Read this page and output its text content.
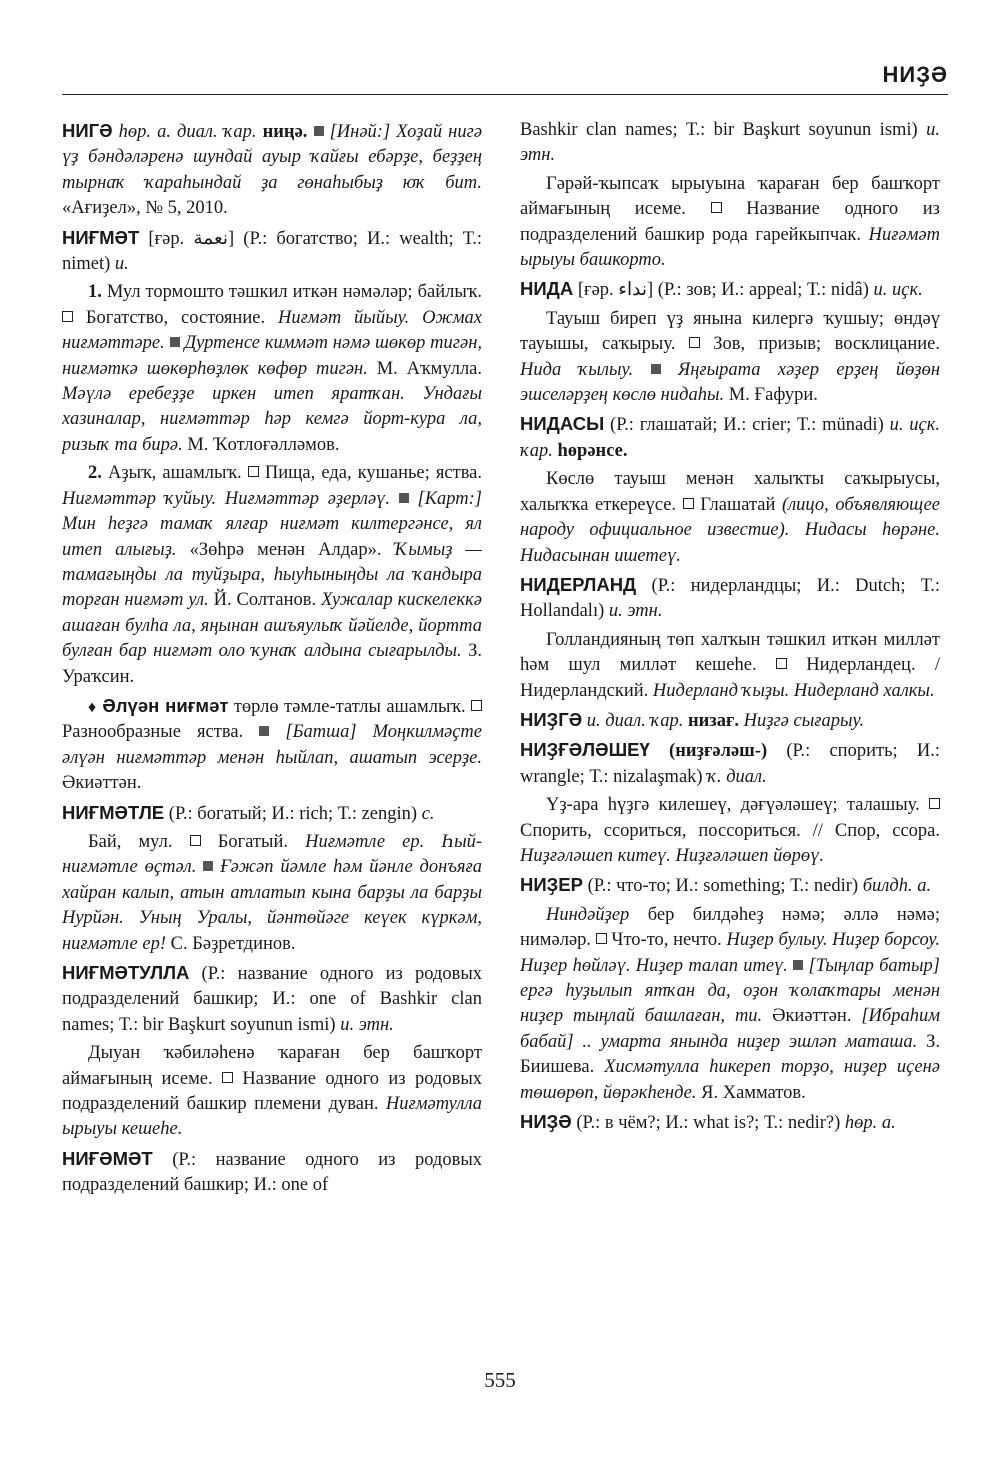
НИҘӘ

НИГӘ һөр. а. диал. ҡар. ниңә. [Инәй:] Хоҙай нигә үҙ бәндәләренә шундай ауыр ҡайғы ебәрҙе, беҙҙең тырнаҡ ҡараһындай ҙа гөнаһыбыҙ юҡ бит. «Ағиҙел», № 5, 2010.

НИҒМӘТ [ғәр. نعمة] (Р.: богатство; И.: wealth; Т.: nimet) и.

1. Мул тормошто тәшкил иткән нәмәләр; байлыҡ.  Богатство, состояние. Ниғмәт йыйыу. Ожмах ниғмәттәре. Дуртенсе киммәт нәмә шөкөр тигән, ниғмәткә шөкөрһөҙлөк көфөр тигән. М. Аҡмулла. Мәүлә еребеҙҙе иркен итеп яратҡан. Ундағы хазиналар, ниғмәттәр һәр кемгә йорт-кура ла, ризыҡ та бирә. М. Ҡотлоғәлләмов.

2. Аҙыҡ, ашамлыҡ. Пища, еда, кушанье; яства. Ниғмәттәр ҡуйыу. Ниғмәттәр әҙерләү. [Карт:] Мин һеҙгә тамаҡ ялғар ниғмәт килтергәнсе, ял итеп алығыҙ. «Зөһрә менән Алдар». Ҡымыҙ — тамағыңды ла туйҙыра, һыуһыныңды ла ҡандыра торған ниғмәт ул. Й. Солтанов. Хужалар кискелеккә ашаған булһа ла, яңынан ашъяулыҡ йәйелде, йортта булған бар ниғмәт оло ҡунаҡ алдына сығарылды. З. Ураҡсин.

♦ Әлүән ниғмәт төрлө тәмле-татлы ашамлыҡ.  Разнообразные яства. [Батша] Моңкилмәҫте әлүән ниғмәттәр менән һыйлап, ашатып эсерҙе. Әкиәттән.

НИҒМӘТЛЕ (Р.: богатый; И.: rich; Т.: zengin) с.

Бай, мул. Богатый. Ниғмәтле ер. Һый-ниғмәтле өҫтәл. Ғәжәп йәмле һәм йәнле донъяға хайран калып, атын атлатып кына барҙы ла барҙы Нурйән. Уның Уралы, йәнтөйәге кеүек күркәм, ниғмәтле ер! С. Бәҙретдинов.

НИҒМӘТУЛЛА (Р.: название одного из родовых подразделений башкир; И.: one of Bashkir clan names; Т.: bir Başkurt soyunun ismi) и. этн.

Дыуан ҡәбиләһенә ҡараған бер башҡорт аймағының исеме. Название одного из родовых подразделений башкир племени дуван. Ниғмәтулла ырыуы кешеһе.

НИҒӘМӘТ (Р.: название одного из родовых подразделений башкир; И.: one of

Bashkir clan names; Т.: bir Başkurt soyunun ismi) и. этн.

Гәрәй-ҡыпсаҡ ырыуына ҡараған бер башҡорт аймағының исеме.	Название одного из подразделений башкир рода гарейкыпчак. Ниғәмәт ырыуы башкорто.

НИДА [ғәр. نداء] (Р.: зов; И.: appeal; Т.: nidâ) и. иҫк.

Тауыш биреп үҙ янына килергә ҡушыу; өндәү тауышы, саҡырыу. Зов, призыв; восклицание. Нида ҡылыу. Яңғырата хәҙер ерҙең йөҙөн эшселәрҙең көслө нидаһы. М. Ғафури.

НИДАСЫ (Р.: глашатай; И.: crier; Т.: münadi) и. иҫк. ҡар. һөрәнсе.

Көслө тауыш менән халыҡты саҡырыусы, халыҡҡа еткереүсе. Глашатай (лицо, объявляющее народу официальное известие). Нидасы һөрәне. Нидасынан ишетеү.

НИДЕРЛАНД (Р.: нидерландцы; И.: Dutch; Т.: Hollandalı) и. этн.

Голландияның төп халҡын тәшкил иткән милләт һәм шул милләт кешеһе.	Нидерландец. / Нидерландский. Нидерланд ҡыҙы. Нидерланд халкы.

НИҘГӘ и. диал. ҡар. низағ. Ниҙгә сығарыу.

НИҘҒӘЛӘШЕҮ (ниҙғәләш-) (Р.: спорить; И.: wrangle; Т.: nizalaşmak) ҡ. диал.

Үҙ-ара һүҙгә килешеү, дәғүәләшеү; талашыу.  Спорить, ссориться, поссориться. // Спор, ссора. Ниҙғәләшеп китеү. Ниҙғәләшеп йөрөү.

НИҘЕР (Р.: что-то; И.: something; Т.: nedir) билдһ. а.

Ниндәйҙер бер билдәһеҙ нәмә; әллә нәмә; нимәләр. Что-то, нечто. Ниҙер булыу. Ниҙер борсоу. Ниҙер һөйләү. Ниҙер талап итеү. [Тыңлар батыр] ергә һуҙылып ятҡан да, оҙон ҡолаҡтары менән ниҙер тыңлай башлаған, ти. Әкиәттән. [Ибраһим бабай] .. умарта янында ниҙер эшләп маташа. З. Биишева. Хисмәтулла һикереп торҙо, ниҙер иҫенә төшөрөп, йөрәкһенде. Я. Хамматов.

НИҘӘ (Р.: в чём?; И.: what is?; Т.: nedir?) һөр. а.

555
